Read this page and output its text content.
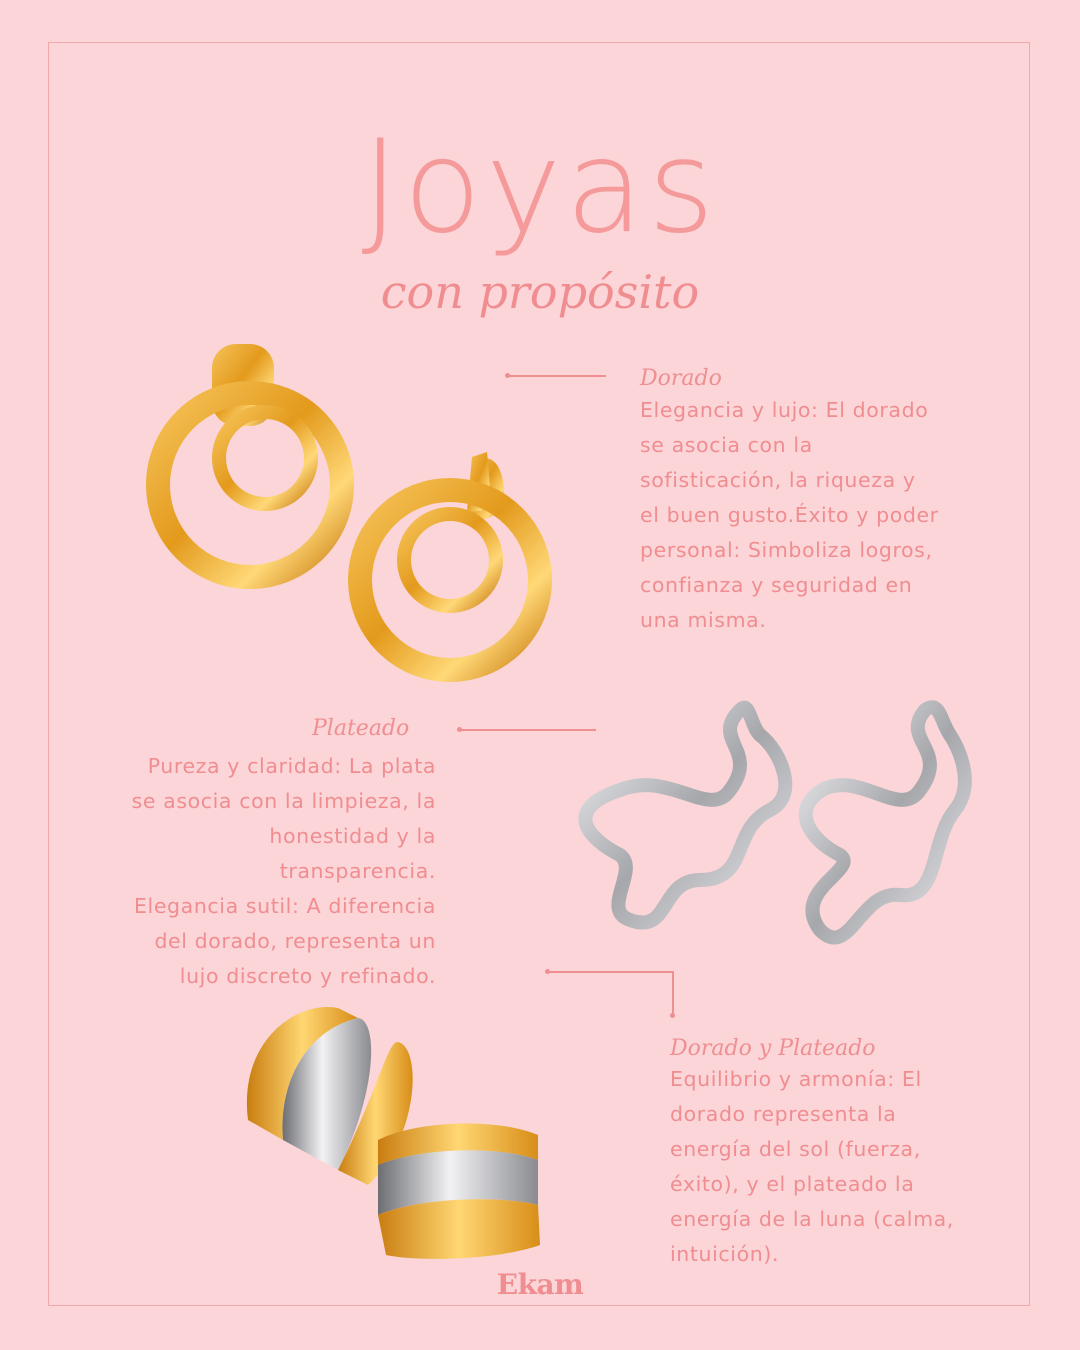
Joyas
con propósito
Dorado
Elegancia y lujo: El dorado
se asocia con la
sofisticación, la riqueza y
el buen gusto.Éxito y poder
personal: Simboliza logros,
confianza y seguridad en
una misma.
Plateado
Pureza y claridad: La plata
se asocia con la limpieza, la
honestidad y la
transparencia.
Elegancia sutil: A diferencia
del dorado, representa un
lujo discreto y refinado.
Dorado y Plateado
Equilibrio y armonía: El
dorado representa la
energía del sol (fuerza,
éxito), y el plateado la
energía de la luna (calma,
intuición).
Ekam
